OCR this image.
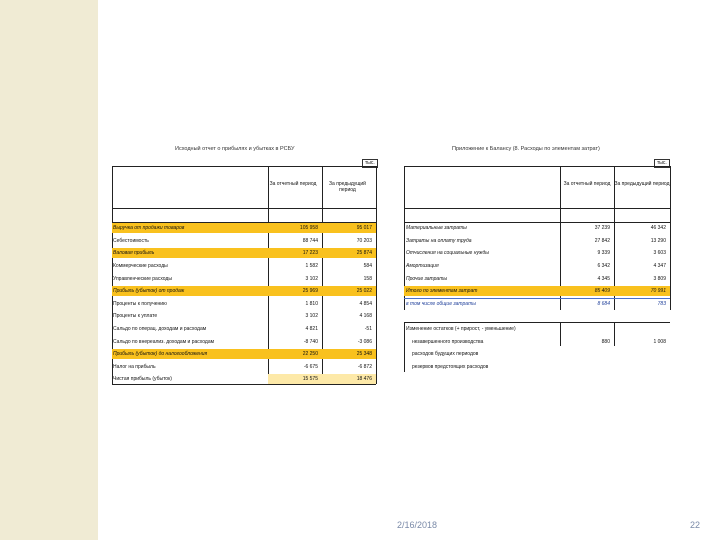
Исходный отчет о прибылях и убытках в РСБУ
тыс.
За отчетный период	За предыдущий период
Выручка от продажи товаров	105 958	95 017
Себестоимость	88 744	70 203
Валовая прибыль	17 223	25 874
Коммерческие расходы	1 582	584
Управленческие расходы	3 102	158
Прибыль (убыток) от продаж	25 969	25 022
Проценты к получению	1 810	4 854
Проценты к уплате	3 102	4 168
Сальдо по операц. доходам и расходам	4 821	-51
Сальдо по внереализ. доходам и расходам	-8 740	-3 086
Прибыль (убыток) до налогообложения	22 250	25 348
Налог на прибыль	-6 675	-6 872
Чистая прибыль (убыток)	15 575	18 476
Приложение к Балансу (8. Расходы по элементам затрат)
тыс.
За отчетный период За предыдущий период
Материальные затраты	37 239	46 342
Затраты на оплату труда	27 842	13 290
Отчисления на социальные нужды	9 339	3 603
Амортизация	6 342	4 347
Прочие затраты	4 345	3 809
Итого по элементам затрат	85 409	70 991
в том числе общие затраты	8 684	783
Изменение остатков (+ прирост, - уменьшение)
незавершенного производства	880	1 008
расходов будущих периодов
резервов предстоящих расходов
2/16/2018	22
